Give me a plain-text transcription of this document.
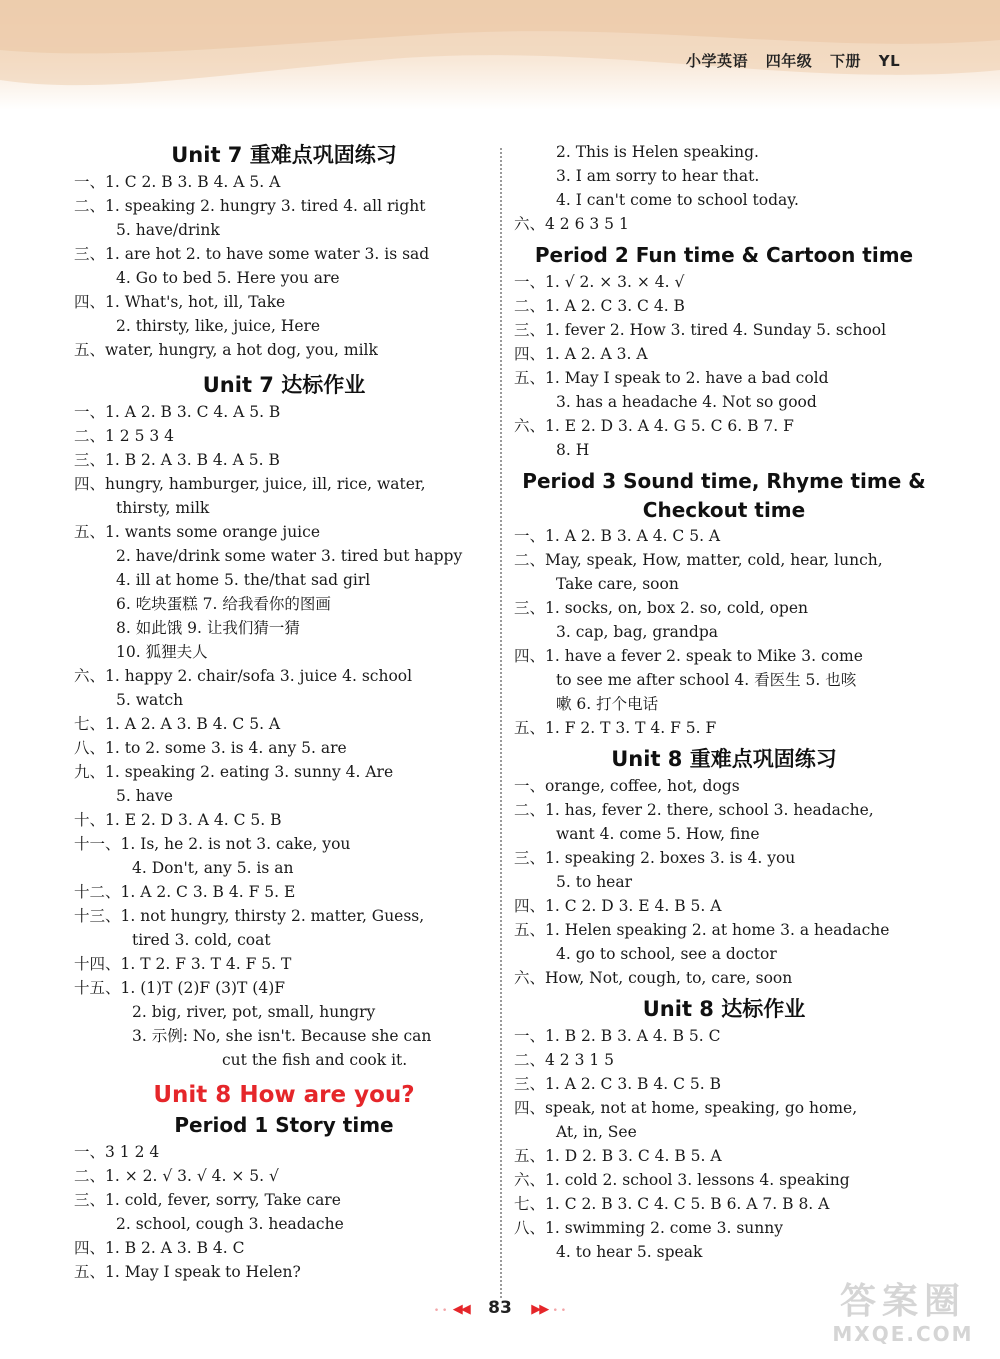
小学英语 四年级 下册 YL
Unit 7 重难点巩固练习
一、1. C 2. B 3. B 4. A 5. A
二、1. speaking 2. hungry 3. tired 4. all right
5. have/drink
三、1. are hot 2. to have some water 3. is sad
4. Go to bed 5. Here you are
四、1. What's, hot, ill, Take
2. thirsty, like, juice, Here
五、water, hungry, a hot dog, you, milk
Unit 7 达标作业
一、1. A 2. B 3. C 4. A 5. B
二、1 2 5 3 4
三、1. B 2. A 3. B 4. A 5. B
四、hungry, hamburger, juice, ill, rice, water,
thirsty, milk
五、1. wants some orange juice
2. have/drink some water 3. tired but happy
4. ill at home 5. the/that sad girl
6. 吃块蛋糕 7. 给我看你的图画
8. 如此饿 9. 让我们猜一猜
10. 狐狸夫人
六、1. happy 2. chair/sofa 3. juice 4. school
5. watch
七、1. A 2. A 3. B 4. C 5. A
八、1. to 2. some 3. is 4. any 5. are
九、1. speaking 2. eating 3. sunny 4. Are
5. have
十、1. E 2. D 3. A 4. C 5. B
十一、1. Is, he 2. is not 3. cake, you
4. Don't, any 5. is an
十二、1. A 2. C 3. B 4. F 5. E
十三、1. not hungry, thirsty 2. matter, Guess,
tired 3. cold, coat
十四、1. T 2. F 3. T 4. F 5. T
十五、1. (1)T (2)F (3)T (4)F
2. big, river, pot, small, hungry
3. 示例: No, she isn't. Because she can
cut the fish and cook it.
Unit 8 How are you?
Period 1 Story time
一、3 1 2 4
二、1. × 2. √ 3. √ 4. × 5. √
三、1. cold, fever, sorry, Take care
2. school, cough 3. headache
四、1. B 2. A 3. B 4. C
五、1. May I speak to Helen?
2. This is Helen speaking.
3. I am sorry to hear that.
4. I can't come to school today.
六、4 2 6 3 5 1
Period 2 Fun time & Cartoon time
一、1. √ 2. × 3. × 4. √
二、1. A 2. C 3. C 4. B
三、1. fever 2. How 3. tired 4. Sunday 5. school
四、1. A 2. A 3. A
五、1. May I speak to 2. have a bad cold
3. has a headache 4. Not so good
六、1. E 2. D 3. A 4. G 5. C 6. B 7. F
8. H
Period 3 Sound time, Rhyme time &
Checkout time
一、1. A 2. B 3. A 4. C 5. A
二、May, speak, How, matter, cold, hear, lunch,
Take care, soon
三、1. socks, on, box 2. so, cold, open
3. cap, bag, grandpa
四、1. have a fever 2. speak to Mike 3. come
to see me after school 4. 看医生 5. 也咳
嗽 6. 打个电话
五、1. F 2. T 3. T 4. F 5. F
Unit 8 重难点巩固练习
一、orange, coffee, hot, dogs
二、1. has, fever 2. there, school 3. headache,
want 4. come 5. How, fine
三、1. speaking 2. boxes 3. is 4. you
5. to hear
四、1. C 2. D 3. E 4. B 5. A
五、1. Helen speaking 2. at home 3. a headache
4. go to school, see a doctor
六、How, Not, cough, to, care, soon
Unit 8 达标作业
一、1. B 2. B 3. A 4. B 5. C
二、4 2 3 1 5
三、1. A 2. C 3. B 4. C 5. B
四、speak, not at home, speaking, go home,
At, in, See
五、1. D 2. B 3. C 4. B 5. A
六、1. cold 2. school 3. lessons 4. speaking
七、1. C 2. B 3. C 4. C 5. B 6. A 7. B 8. A
八、1. swimming 2. come 3. sunny
4. to hear 5. speak
• • ◀◀ 83 ▶▶ • •	答案圈
MXQE.COM
